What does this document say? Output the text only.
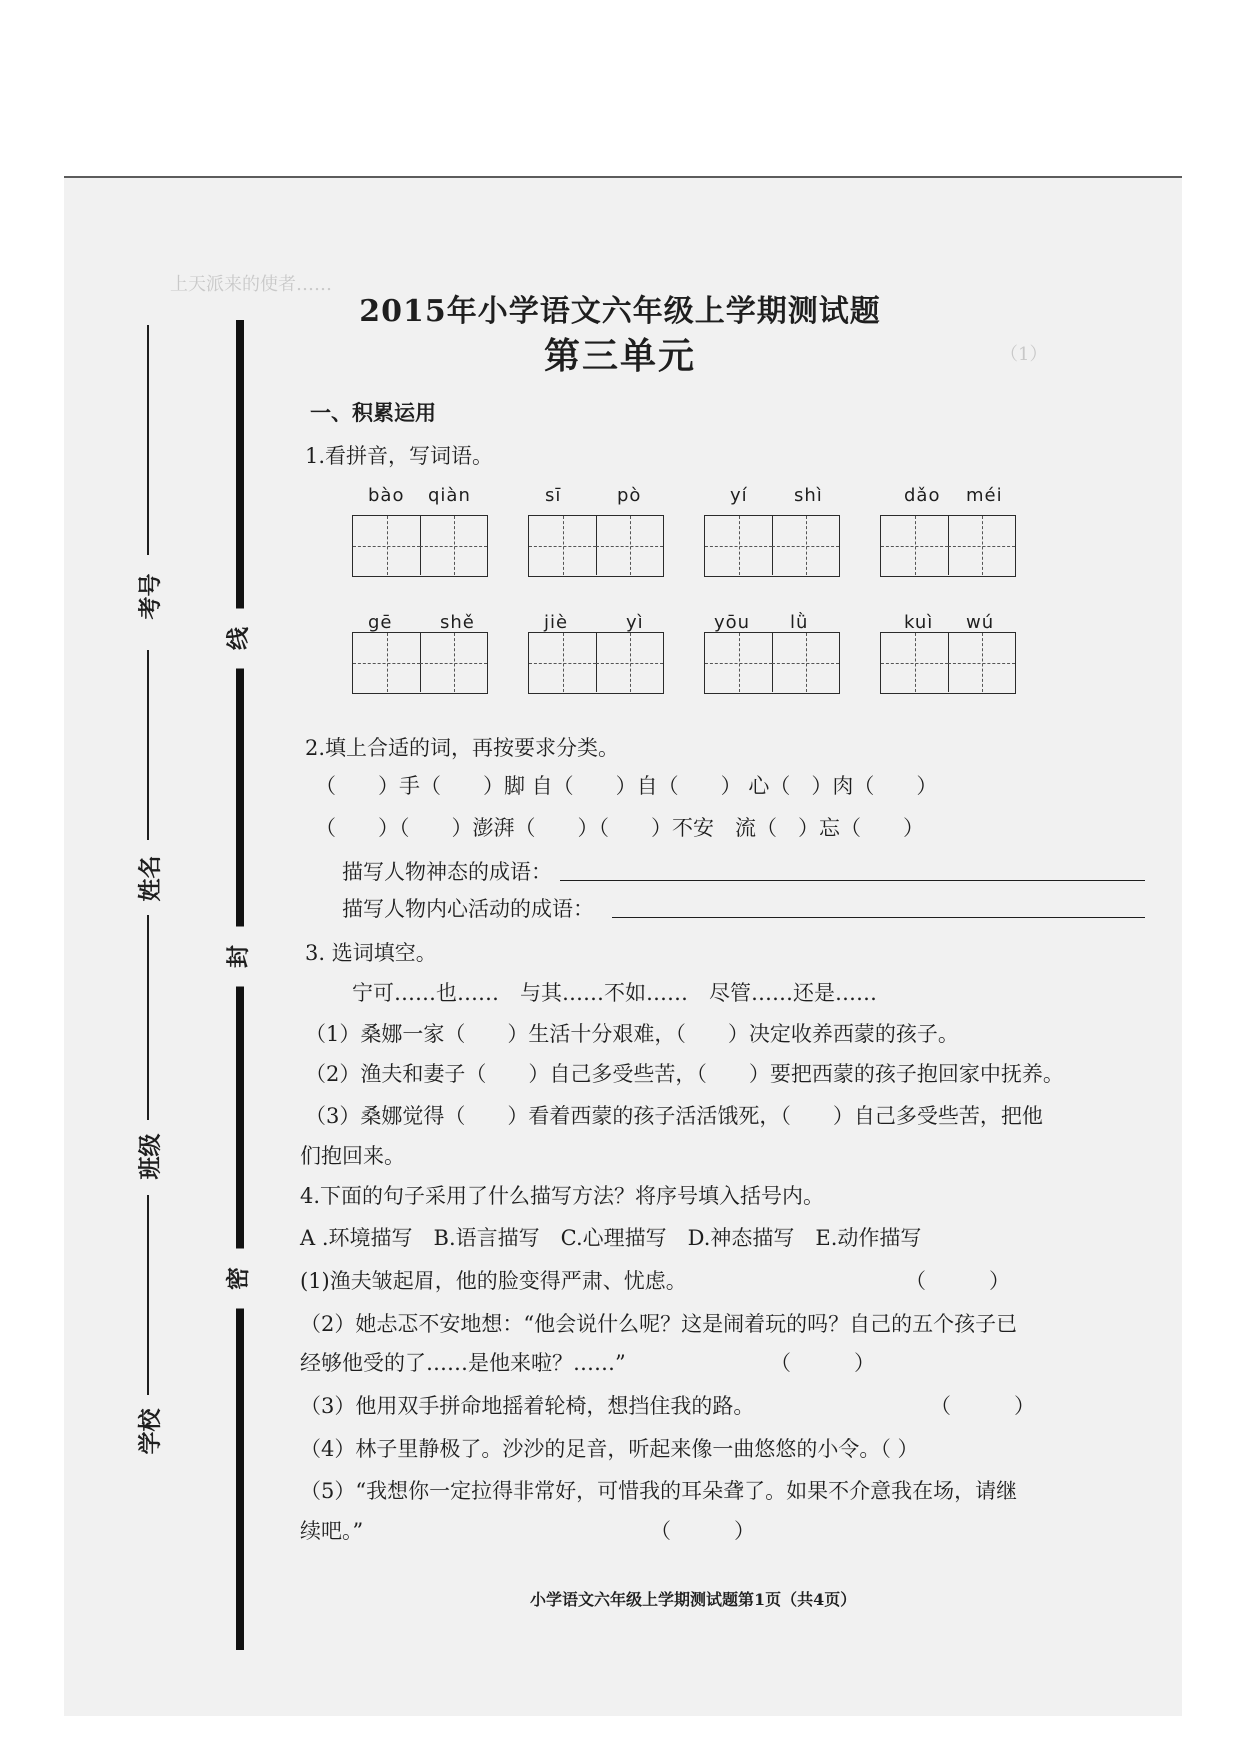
上天派来的使者……
（1）
考号
姓名
班级
学校
线
封
密
2015年小学语文六年级上学期测试题
第三单元
一、积累运用
1.看拼音，写词语。
bào qiàn	sī	pò	yí	shì	dǎo méi
gē	shě	jiè	yì	yōu lǜ	kuì wú
2.填上合适的词，再按要求分类。
（　　）手（　　）脚 自（　　）自（　　） 心（　）肉（　　）
（　　）（　　）澎湃（　　）（　　）不安　流（　）忘（　　）
描写人物神态的成语：
描写人物内心活动的成语：
3. 选词填空。
宁可……也……　与其……不如……　尽管……还是……
（1）桑娜一家（　　）生活十分艰难，（　　）决定收养西蒙的孩子。
（2）渔夫和妻子（　　）自己多受些苦，（　　）要把西蒙的孩子抱回家中抚养。
（3）桑娜觉得（　　）看着西蒙的孩子活活饿死，（　　）自己多受些苦，把他
们抱回来。
4.下面的句子采用了什么描写方法？将序号填入括号内。
A .环境描写　B.语言描写　C.心理描写　D.神态描写　E.动作描写
(1)渔夫皱起眉，他的脸变得严肃、忧虑。	（　　　）
（2）她忐忑不安地想：“他会说什么呢？这是闹着玩的吗？自己的五个孩子已
经够他受的了……是他来啦？……”	（　　　）
（3）他用双手拼命地摇着轮椅，想挡住我的路。	（　　　）
（4）林子里静极了。沙沙的足音，听起来像一曲悠悠的小令。（ ）
（5）“我想你一定拉得非常好，可惜我的耳朵聋了。如果不介意我在场，请继
续吧。”	（　　　）
小学语文六年级上学期测试题第1页（共4页）
